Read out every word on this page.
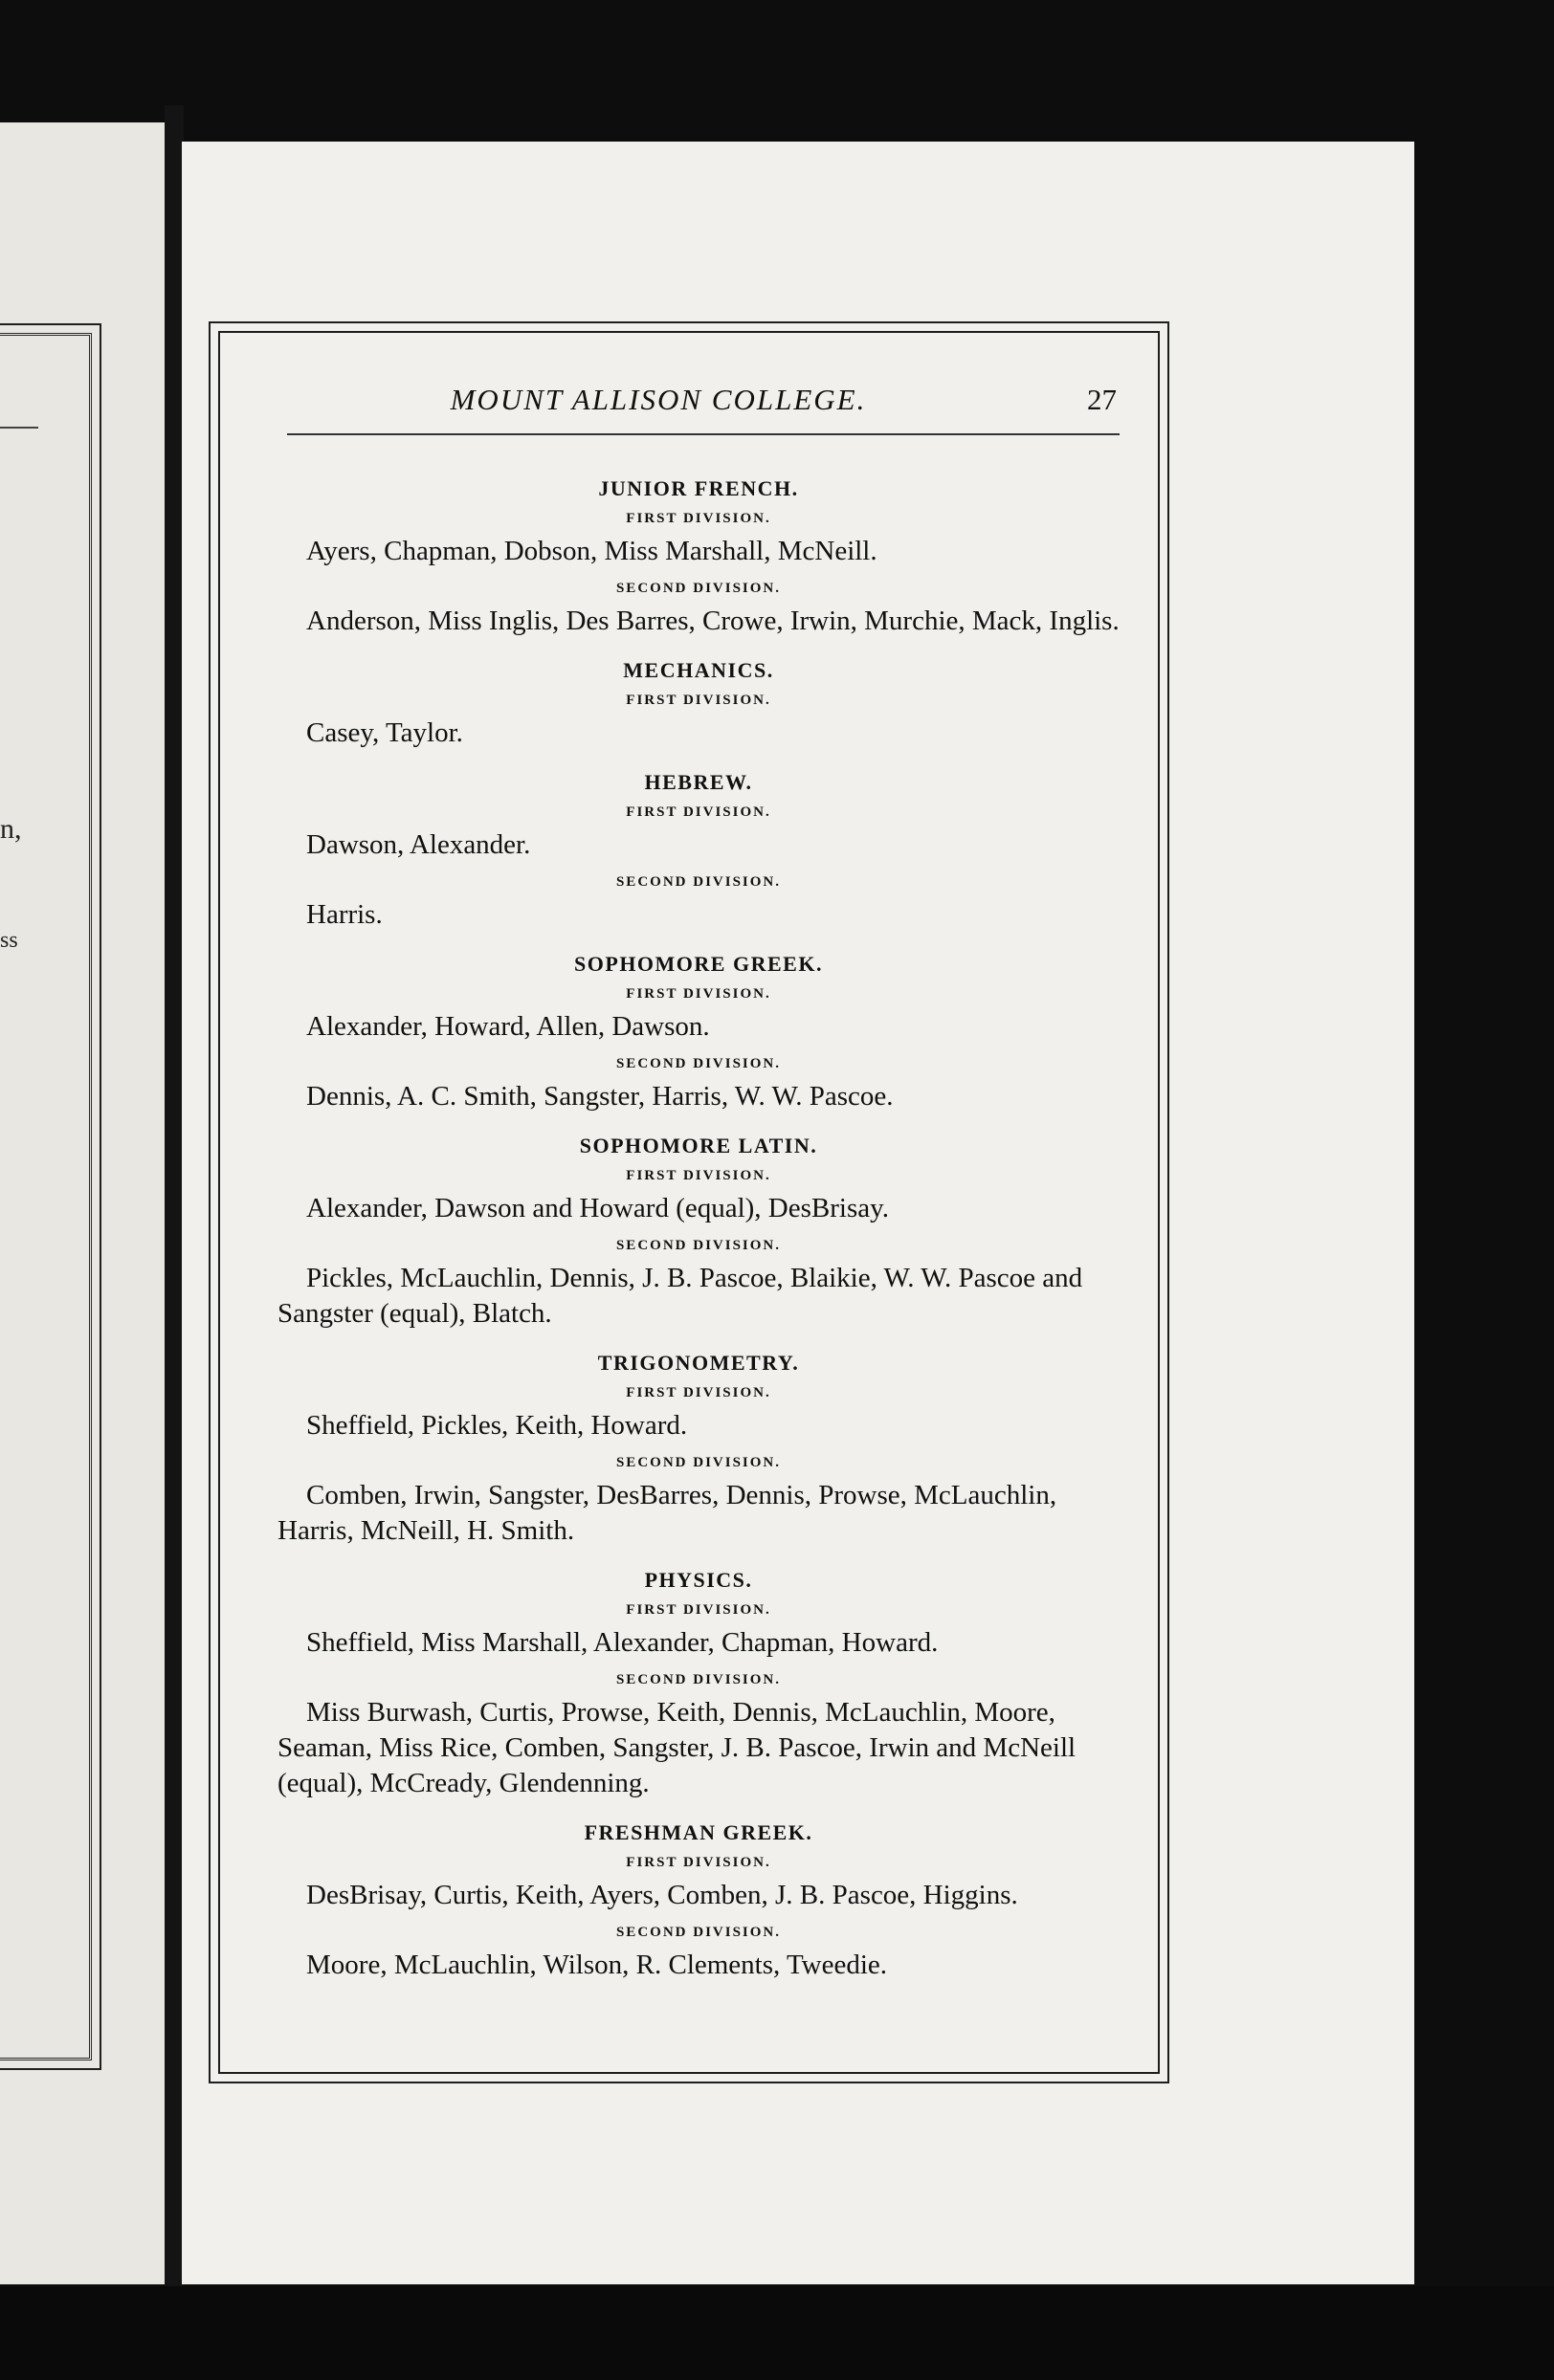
n,
ss
MOUNT ALLISON COLLEGE.	27
JUNIOR FRENCH.
FIRST DIVISION.

Ayers, Chapman, Dobson, Miss Marshall, McNeill.

SECOND DIVISION.

Anderson, Miss Inglis, Des Barres, Crowe, Irwin, Murchie, Mack, Inglis.

MECHANICS.
FIRST DIVISION.

Casey, Taylor.

HEBREW.
FIRST DIVISION.

Dawson, Alexander.

SECOND DIVISION.

Harris.

SOPHOMORE GREEK.
FIRST DIVISION.

Alexander, Howard, Allen, Dawson.

SECOND DIVISION.

Dennis, A. C. Smith, Sangster, Harris, W. W. Pascoe.

SOPHOMORE LATIN.
FIRST DIVISION.

Alexander, Dawson and Howard (equal), DesBrisay.

SECOND DIVISION.

Pickles, McLauchlin, Dennis, J. B. Pascoe, Blaikie, W. W. Pascoe and Sangster (equal), Blatch.

TRIGONOMETRY.
FIRST DIVISION.

Sheffield, Pickles, Keith, Howard.

SECOND DIVISION.

Comben, Irwin, Sangster, DesBarres, Dennis, Prowse, McLauchlin, Harris, McNeill, H. Smith.

PHYSICS.
FIRST DIVISION.

Sheffield, Miss Marshall, Alexander, Chapman, Howard.

SECOND DIVISION.

Miss Burwash, Curtis, Prowse, Keith, Dennis, McLauchlin, Moore, Seaman, Miss Rice, Comben, Sangster, J. B. Pascoe, Irwin and McNeill (equal), McCready, Glendenning.

FRESHMAN GREEK.
FIRST DIVISION.

DesBrisay, Curtis, Keith, Ayers, Comben, J. B. Pascoe, Higgins.

SECOND DIVISION.

Moore, McLauchlin, Wilson, R. Clements, Tweedie.
